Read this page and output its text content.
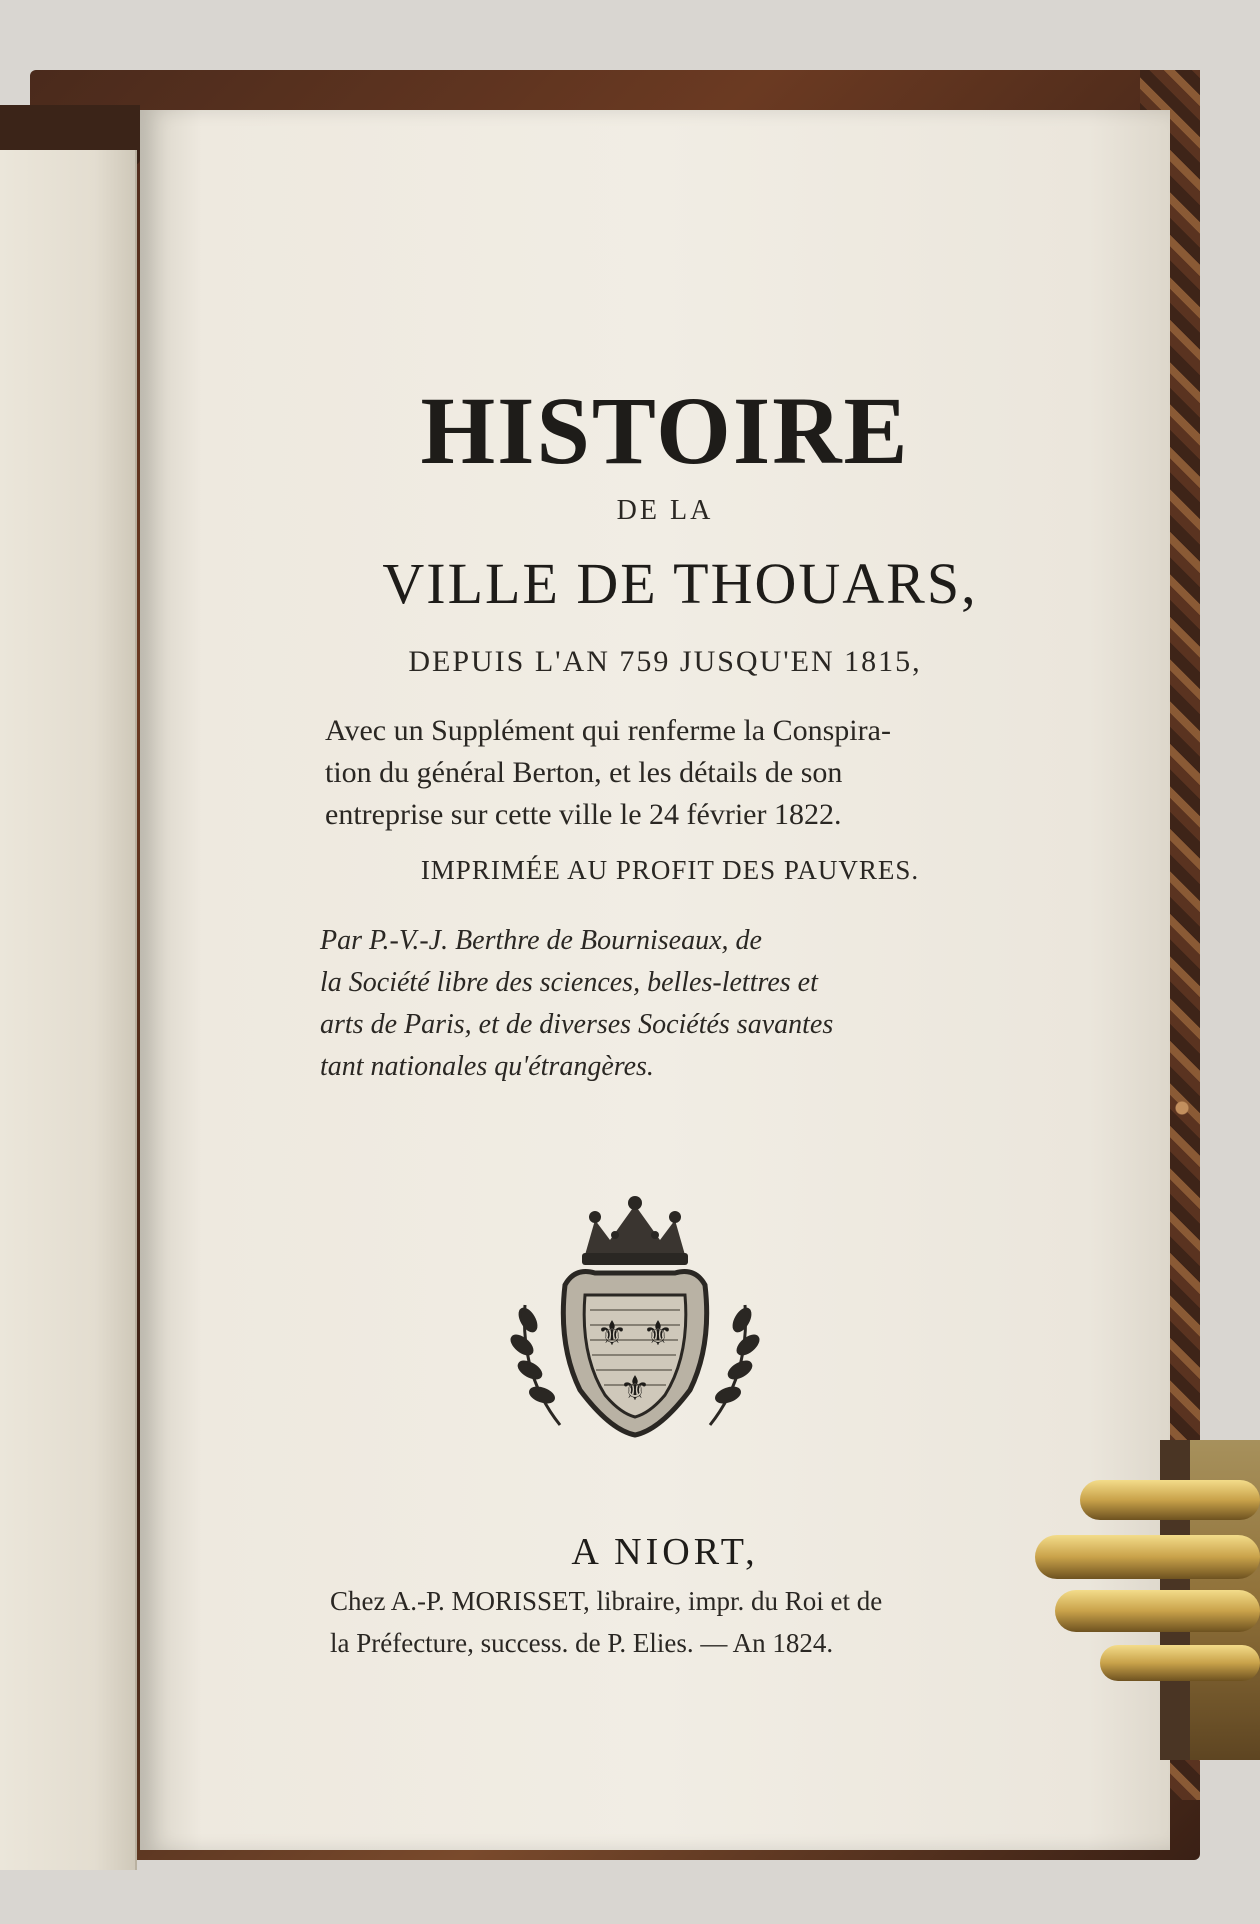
HISTOIRE
DE LA
VILLE DE THOUARS,
DEPUIS L'AN 759 JUSQU'EN 1815,
Avec un Supplément qui renferme la Conspira-
tion du général Berton, et les détails de son
entreprise sur cette ville le 24 février 1822.
IMPRIMÉE AU PROFIT DES PAUVRES.
Par P.-V.-J. Berthre de Bourniseaux, de
la Société libre des sciences, belles-lettres et
arts de Paris, et de diverses Sociétés savantes
tant nationales qu'étrangères.
⚜ ⚜
⚜
A NIORT,
Chez A.-P. MORISSET, libraire, impr. du Roi et de
la Préfecture, success. de P. Elies. — An 1824.
